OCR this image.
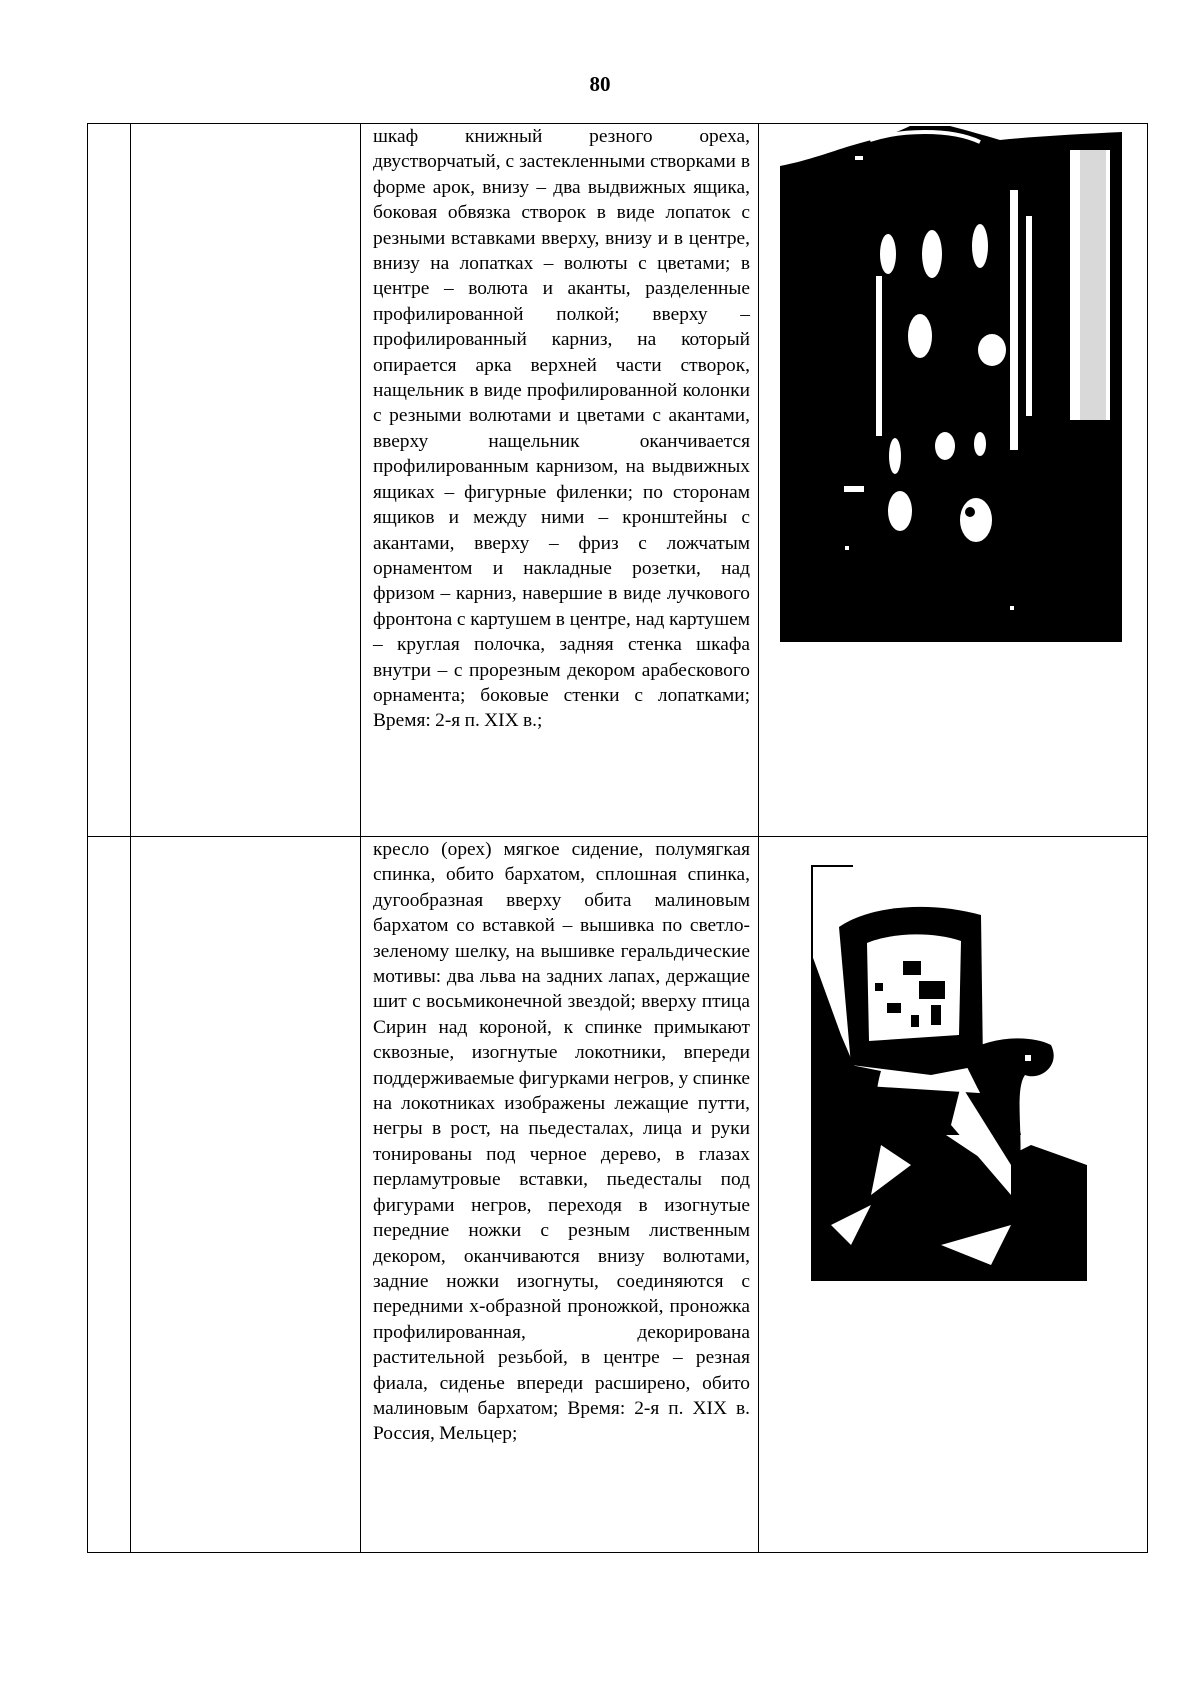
80

		шкаф книжный резного ореха, двустворчатый, с застекленными створками в форме арок, внизу – два выдвижных ящика, боковая обвязка створок в виде лопаток с резными вставками вверху, внизу и в центре, внизу на лопатках – волюты с цветами; в центре – волюта и аканты, разделенные профилированной полкой; вверху – профилированный карниз, на который опирается арка верхней части створок, нащельник в виде профилированной колонки с резными волютами и цветами с акантами, вверху нащельник оканчивается профилированным карнизом, на выдвижных ящиках – фигурные филенки; по сторонам ящиков и между ними – кронштейны с акантами, вверху – фриз с ложчатым орнаментом и накладные розетки, над фризом – карниз, навершие в виде лучкового фронтона с картушем в центре, над картушем – круглая полочка, задняя стенка шкафа внутри – с прорезным декором арабескового орнамента; боковые стенки с лопатками; Время: 2-я п. XIX в.;

		кресло (орех) мягкое сидение, полумягкая спинка, обито бархатом, сплошная спинка, дугообразная вверху обита малиновым бархатом со вставкой – вышивка по светло-зеленому шелку, на вышивке геральдические мотивы: два льва на задних лапах, держащие шит с восьмиконечной звездой; вверху птица Сирин над короной, к спинке примыкают сквозные, изогнутые локотники, впереди поддерживаемые фигурками негров, у спинке на локотниках изображены лежащие путти, негры в рост, на пьедесталах, лица и руки тонированы под черное дерево, в глазах перламутровые вставки, пьедесталы под фигурами негров, переходя в изогнутые передние ножки с резным лиственным декором, оканчиваются внизу волютами, задние ножки изогнуты, соединяются с передними х-образной проножкой, проножка профилированная, декорирована растительной резьбой, в центре – резная фиала, сиденье впереди расширено, обито малиновым бархатом; Время: 2-я п. XIX в. Россия, Мельцер;
